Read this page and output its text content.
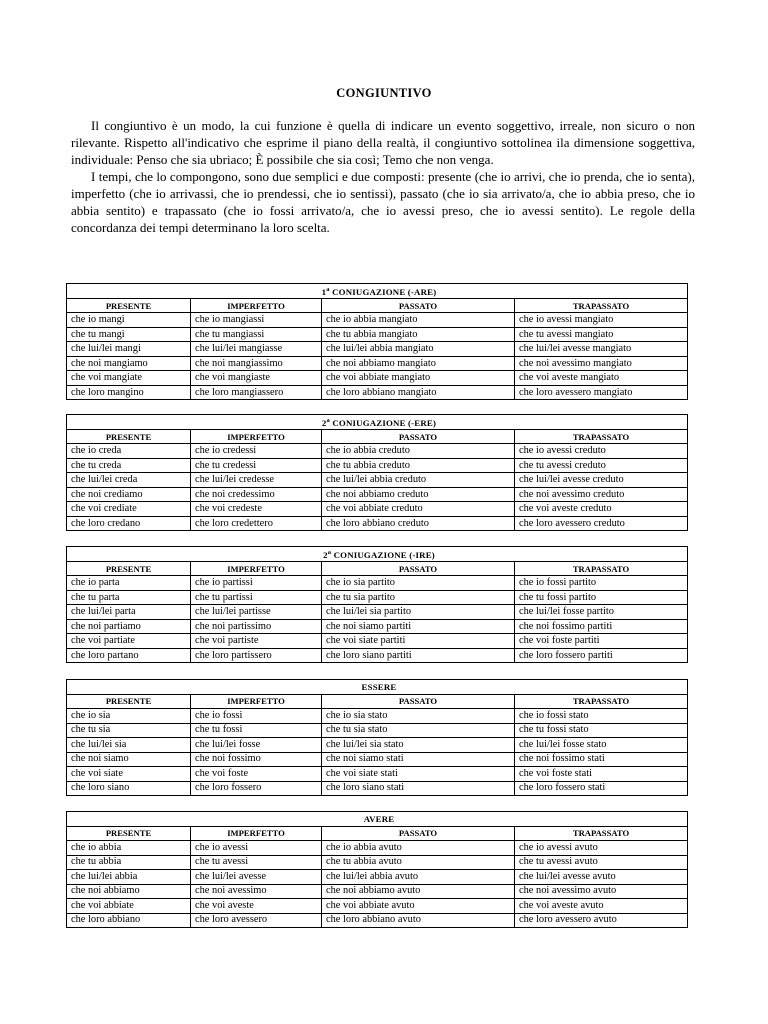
CONGIUNTIVO

Il congiuntivo è un modo, la cui funzione è quella di indicare un evento soggettivo, irreale, non sicuro o non rilevante. Rispetto all'indicativo che esprime il piano della realtà, il congiuntivo sottolinea ila dimensione soggettiva, individuale: Penso che sia ubriaco; È possibile che sia così; Temo che non venga.

I tempi, che lo compongono, sono due semplici e due composti: presente (che io arrivi, che io prenda, che io senta), imperfetto (che io arrivassi, che io prendessi, che io sentissi), passato (che io sia arrivato/a, che io abbia preso, che io abbia sentito) e trapassato (che io fossi arrivato/a, che io avessi preso, che io avessi sentito). Le regole della concordanza dei tempi determinano la loro scelta.

1$^a$ CONIUGAZIONE (-ARE)			
PRESENTE	IMPERFETTO	PASSATO	TRAPASSATO
che io mangi	che io mangiassi	che io abbia mangiato	che io avessi mangiato
che tu mangi	che tu mangiassi	che tu abbia mangiato	che tu avessi mangiato
che lui/lei mangi	che lui/lei mangiasse	che lui/lei abbia mangiato	che lui/lei avesse mangiato
che noi mangiamo	che noi mangiassimo	che noi abbiamo mangiato	che noi avessimo mangiato
che voi mangiate	che voi mangiaste	che voi abbiate mangiato	che voi aveste mangiato
che loro mangino	che loro mangiassero	che loro abbiano mangiato	che loro avessero mangiato
2$^a$ CONIUGAZIONE (-ERE)			
PRESENTE	IMPERFETTO	PASSATO	TRAPASSATO
che io creda	che io credessi	che io abbia creduto	che io avessi creduto
che tu creda	che tu credessi	che tu abbia creduto	che tu avessi creduto
che lui/lei creda	che lui/lei credesse	che lui/lei abbia creduto	che lui/lei avesse creduto
che noi crediamo	che noi credessimo	che noi abbiamo creduto	che noi avessimo creduto
che voi crediate	che voi credeste	che voi abbiate creduto	che voi aveste creduto
che loro credano	che loro credettero	che loro abbiano creduto	che loro avessero creduto
2$^a$ CONIUGAZIONE (-IRE)			
PRESENTE	IMPERFETTO	PASSATO	TRAPASSATO
che io parta	che io partissi	che io sia partito	che io fossi partito
che tu parta	che tu partissi	che tu sia partito	che tu fossi partito
che lui/lei parta	che lui/lei partisse	che lui/lei sia partito	che lui/lei fosse partito
che noi partiamo	che noi partissimo	che noi siamo partiti	che noi fossimo partiti
che voi partiate	che voi partiste	che voi siate partiti	che voi foste partiti
che loro partano	che loro partissero	che loro siano partiti	che loro fossero partiti
ESSERE			
PRESENTE	IMPERFETTO	PASSATO	TRAPASSATO
che io sia	che io fossi	che io sia stato	che io fossi stato
che tu sia	che tu fossi	che tu sia stato	che tu fossi stato
che lui/lei sia	che lui/lei fosse	che lui/lei sia stato	che lui/lei fosse stato
che noi siamo	che noi fossimo	che noi siamo stati	che noi fossimo stati
che voi siate	che voi foste	che voi siate stati	che voi foste stati
che loro siano	che loro fossero	che loro siano stati	che loro fossero stati
AVERE			
PRESENTE	IMPERFETTO	PASSATO	TRAPASSATO
che io abbia	che io avessi	che io abbia avuto	che io avessi avuto
che tu abbia	che tu avessi	che tu abbia avuto	che tu avessi avuto
che lui/lei abbia	che lui/lei avesse	che lui/lei abbia avuto	che lui/lei avesse avuto
che noi abbiamo	che noi avessimo	che noi abbiamo avuto	che noi avessimo avuto
che voi abbiate	che voi aveste	che voi abbiate avuto	che voi aveste avuto
che loro abbiano	che loro avessero	che loro abbiano avuto	che loro avessero avuto
